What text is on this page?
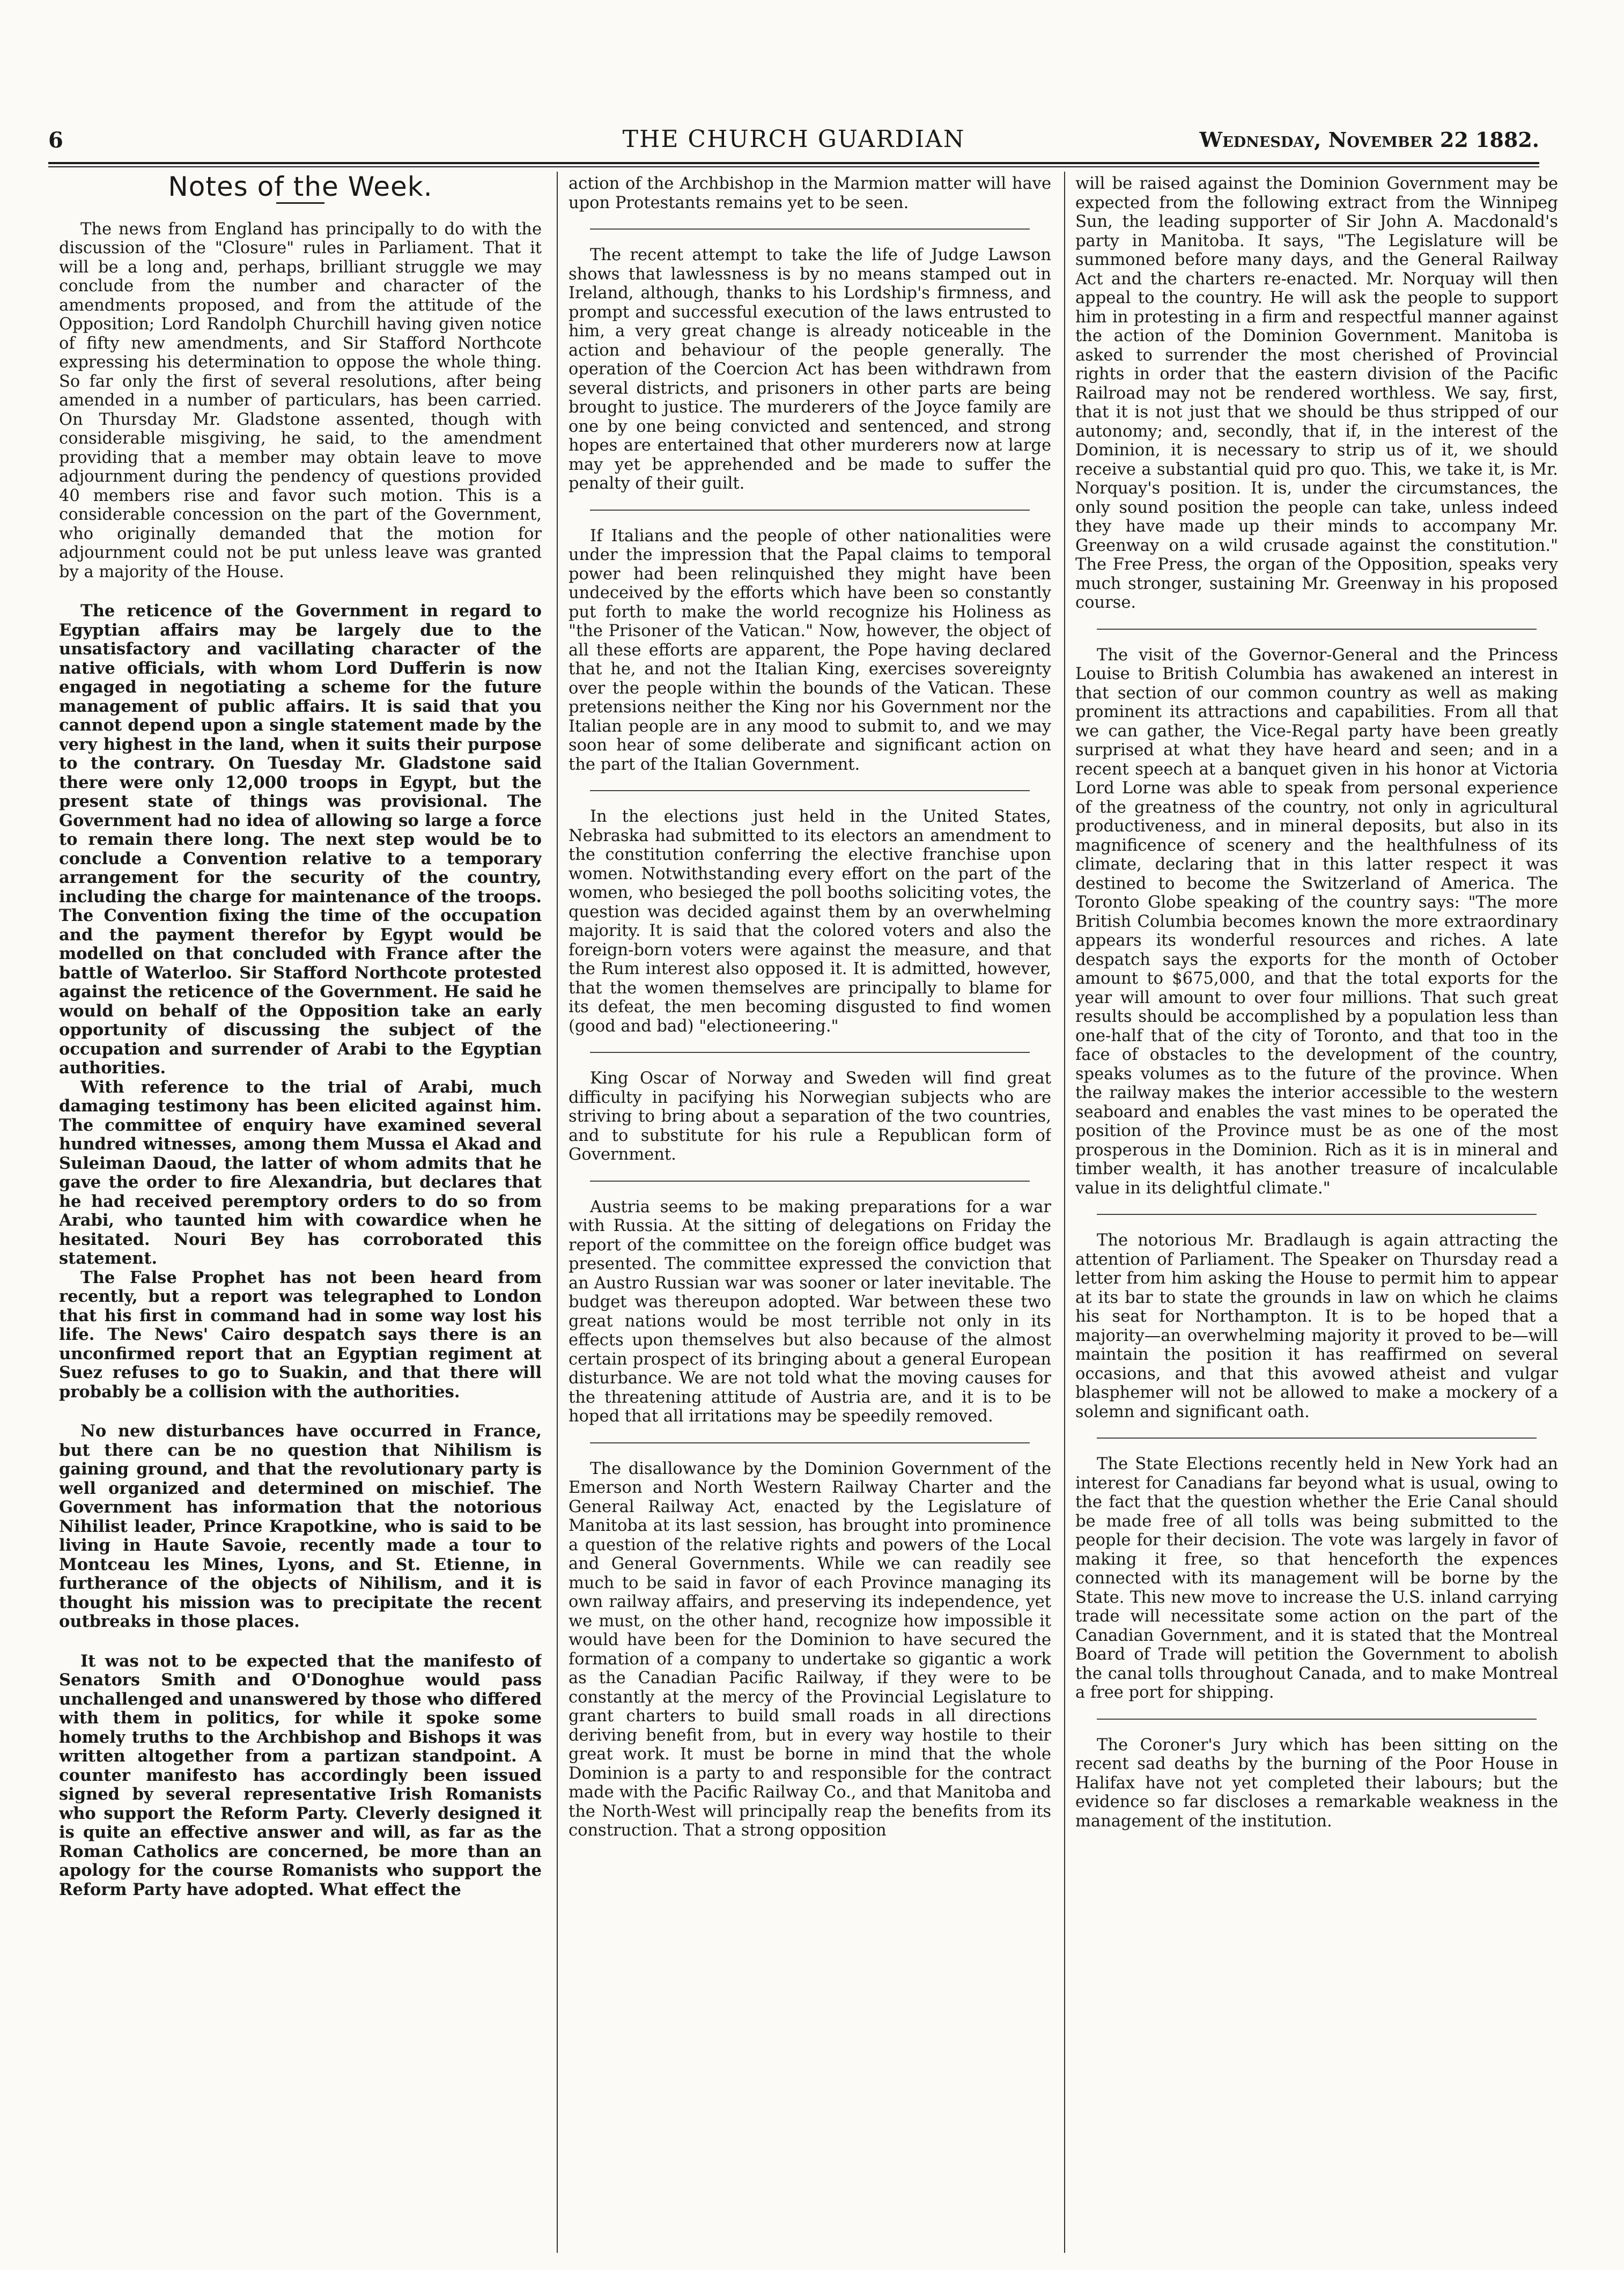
6	THE CHURCH GUARDIAN	Wednesday, November 22 1882.
Notes of the Week.

The news from England has principally to do with the discussion of the "Closure" rules in Parliament. That it will be a long and, perhaps, brilliant struggle we may conclude from the number and character of the amendments proposed, and from the attitude of the Opposition; Lord Randolph Churchill having given notice of fifty new amendments, and Sir Stafford Northcote expressing his determination to oppose the whole thing. So far only the first of several resolutions, after being amended in a number of particulars, has been carried. On Thursday Mr. Gladstone assented, though with considerable misgiving, he said, to the amendment providing that a member may obtain leave to move adjournment during the pendency of questions provided 40 members rise and favor such motion. This is a considerable concession on the part of the Government, who originally demanded that the motion for adjournment could not be put unless leave was granted by a majority of the House.

The reticence of the Government in regard to Egyptian affairs may be largely due to the unsatisfactory and vacillating character of the native officials, with whom Lord Dufferin is now engaged in negotiating a scheme for the future management of public affairs. It is said that you cannot depend upon a single statement made by the very highest in the land, when it suits their purpose to the contrary. On Tuesday Mr. Gladstone said there were only 12,000 troops in Egypt, but the present state of things was provisional. The Government had no idea of allowing so large a force to remain there long. The next step would be to conclude a Convention relative to a temporary arrangement for the security of the country, including the charge for maintenance of the troops. The Convention fixing the time of the occupation and the payment therefor by Egypt would be modelled on that concluded with France after the battle of Waterloo. Sir Stafford Northcote protested against the reticence of the Government. He said he would on behalf of the Opposition take an early opportunity of discussing the subject of the occupation and surrender of Arabi to the Egyptian authorities.

With reference to the trial of Arabi, much damaging testimony has been elicited against him. The committee of enquiry have examined several hundred witnesses, among them Mussa el Akad and Suleiman Daoud, the latter of whom admits that he gave the order to fire Alexandria, but declares that he had received peremptory orders to do so from Arabi, who taunted him with cowardice when he hesitated. Nouri Bey has corroborated this statement.

The False Prophet has not been heard from recently, but a report was telegraphed to London that his first in command had in some way lost his life. The News' Cairo despatch says there is an unconfirmed report that an Egyptian regiment at Suez refuses to go to Suakin, and that there will probably be a collision with the authorities.

No new disturbances have occurred in France, but there can be no question that Nihilism is gaining ground, and that the revolutionary party is well organized and determined on mischief. The Government has information that the notorious Nihilist leader, Prince Krapotkine, who is said to be living in Haute Savoie, recently made a tour to Montceau les Mines, Lyons, and St. Etienne, in furtherance of the objects of Nihilism, and it is thought his mission was to precipitate the recent outbreaks in those places.

It was not to be expected that the manifesto of Senators Smith and O'Donoghue would pass unchallenged and unanswered by those who differed with them in politics, for while it spoke some homely truths to the Archbishop and Bishops it was written altogether from a partizan standpoint. A counter manifesto has accordingly been issued signed by several representative Irish Romanists who support the Reform Party. Cleverly designed it is quite an effective answer and will, as far as the Roman Catholics are concerned, be more than an apology for the course Romanists who support the Reform Party have adopted. What effect the

action of the Archbishop in the Marmion matter will have upon Protestants remains yet to be seen.

The recent attempt to take the life of Judge Lawson shows that lawlessness is by no means stamped out in Ireland, although, thanks to his Lordship's firmness, and prompt and successful execution of the laws entrusted to him, a very great change is already noticeable in the action and behaviour of the people generally. The operation of the Coercion Act has been withdrawn from several districts, and prisoners in other parts are being brought to justice. The murderers of the Joyce family are one by one being convicted and sentenced, and strong hopes are entertained that other murderers now at large may yet be apprehended and be made to suffer the penalty of their guilt.

If Italians and the people of other nationalities were under the impression that the Papal claims to temporal power had been relinquished they might have been undeceived by the efforts which have been so constantly put forth to make the world recognize his Holiness as "the Prisoner of the Vatican." Now, however, the object of all these efforts are apparent, the Pope having declared that he, and not the Italian King, exercises sovereignty over the people within the bounds of the Vatican. These pretensions neither the King nor his Government nor the Italian people are in any mood to submit to, and we may soon hear of some deliberate and significant action on the part of the Italian Government.

In the elections just held in the United States, Nebraska had submitted to its electors an amendment to the constitution conferring the elective franchise upon women. Notwithstanding every effort on the part of the women, who besieged the poll booths soliciting votes, the question was decided against them by an overwhelming majority. It is said that the colored voters and also the foreign-born voters were against the measure, and that the Rum interest also opposed it. It is admitted, however, that the women themselves are principally to blame for its defeat, the men becoming disgusted to find women (good and bad) "electioneering."

King Oscar of Norway and Sweden will find great difficulty in pacifying his Norwegian subjects who are striving to bring about a separation of the two countries, and to substitute for his rule a Republican form of Government.

Austria seems to be making preparations for a war with Russia. At the sitting of delegations on Friday the report of the committee on the foreign office budget was presented. The committee expressed the conviction that an Austro Russian war was sooner or later inevitable. The budget was thereupon adopted. War between these two great nations would be most terrible not only in its effects upon themselves but also because of the almost certain prospect of its bringing about a general European disturbance. We are not told what the moving causes for the threatening attitude of Austria are, and it is to be hoped that all irritations may be speedily removed.

The disallowance by the Dominion Government of the Emerson and North Western Railway Charter and the General Railway Act, enacted by the Legislature of Manitoba at its last session, has brought into prominence a question of the relative rights and powers of the Local and General Governments. While we can readily see much to be said in favor of each Province managing its own railway affairs, and preserving its independence, yet we must, on the other hand, recognize how impossible it would have been for the Dominion to have secured the formation of a company to undertake so gigantic a work as the Canadian Pacific Railway, if they were to be constantly at the mercy of the Provincial Legislature to grant charters to build small roads in all directions deriving benefit from, but in every way hostile to their great work. It must be borne in mind that the whole Dominion is a party to and responsible for the contract made with the Pacific Railway Co., and that Manitoba and the North-West will principally reap the benefits from its construction. That a strong opposition

will be raised against the Dominion Government may be expected from the following extract from the Winnipeg Sun, the leading supporter of Sir John A. Macdonald's party in Manitoba. It says, "The Legislature will be summoned before many days, and the General Railway Act and the charters re-enacted. Mr. Norquay will then appeal to the country. He will ask the people to support him in protesting in a firm and respectful manner against the action of the Dominion Government. Manitoba is asked to surrender the most cherished of Provincial rights in order that the eastern division of the Pacific Railroad may not be rendered worthless. We say, first, that it is not just that we should be thus stripped of our autonomy; and, secondly, that if, in the interest of the Dominion, it is necessary to strip us of it, we should receive a substantial quid pro quo. This, we take it, is Mr. Norquay's position. It is, under the circumstances, the only sound position the people can take, unless indeed they have made up their minds to accompany Mr. Greenway on a wild crusade against the constitution." The Free Press, the organ of the Opposition, speaks very much stronger, sustaining Mr. Greenway in his proposed course.

The visit of the Governor-General and the Princess Louise to British Columbia has awakened an interest in that section of our common country as well as making prominent its attractions and capabilities. From all that we can gather, the Vice-Regal party have been greatly surprised at what they have heard and seen; and in a recent speech at a banquet given in his honor at Victoria Lord Lorne was able to speak from personal experience of the greatness of the country, not only in agricultural productiveness, and in mineral deposits, but also in its magnificence of scenery and the healthfulness of its climate, declaring that in this latter respect it was destined to become the Switzerland of America. The Toronto Globe speaking of the country says: "The more British Columbia becomes known the more extraordinary appears its wonderful resources and riches. A late despatch says the exports for the month of October amount to $675,000, and that the total exports for the year will amount to over four millions. That such great results should be accomplished by a population less than one-half that of the city of Toronto, and that too in the face of obstacles to the development of the country, speaks volumes as to the future of the province. When the railway makes the interior accessible to the western seaboard and enables the vast mines to be operated the position of the Province must be as one of the most prosperous in the Dominion. Rich as it is in mineral and timber wealth, it has another treasure of incalculable value in its delightful climate."

The notorious Mr. Bradlaugh is again attracting the attention of Parliament. The Speaker on Thursday read a letter from him asking the House to permit him to appear at its bar to state the grounds in law on which he claims his seat for Northampton. It is to be hoped that a majority—an overwhelming majority it proved to be—will maintain the position it has reaffirmed on several occasions, and that this avowed atheist and vulgar blasphemer will not be allowed to make a mockery of a solemn and significant oath.

The State Elections recently held in New York had an interest for Canadians far beyond what is usual, owing to the fact that the question whether the Erie Canal should be made free of all tolls was being submitted to the people for their decision. The vote was largely in favor of making it free, so that henceforth the expences connected with its management will be borne by the State. This new move to increase the U.S. inland carrying trade will necessitate some action on the part of the Canadian Government, and it is stated that the Montreal Board of Trade will petition the Government to abolish the canal tolls throughout Canada, and to make Montreal a free port for shipping.

The Coroner's Jury which has been sitting on the recent sad deaths by the burning of the Poor House in Halifax have not yet completed their labours; but the evidence so far discloses a remarkable weakness in the management of the institution.
